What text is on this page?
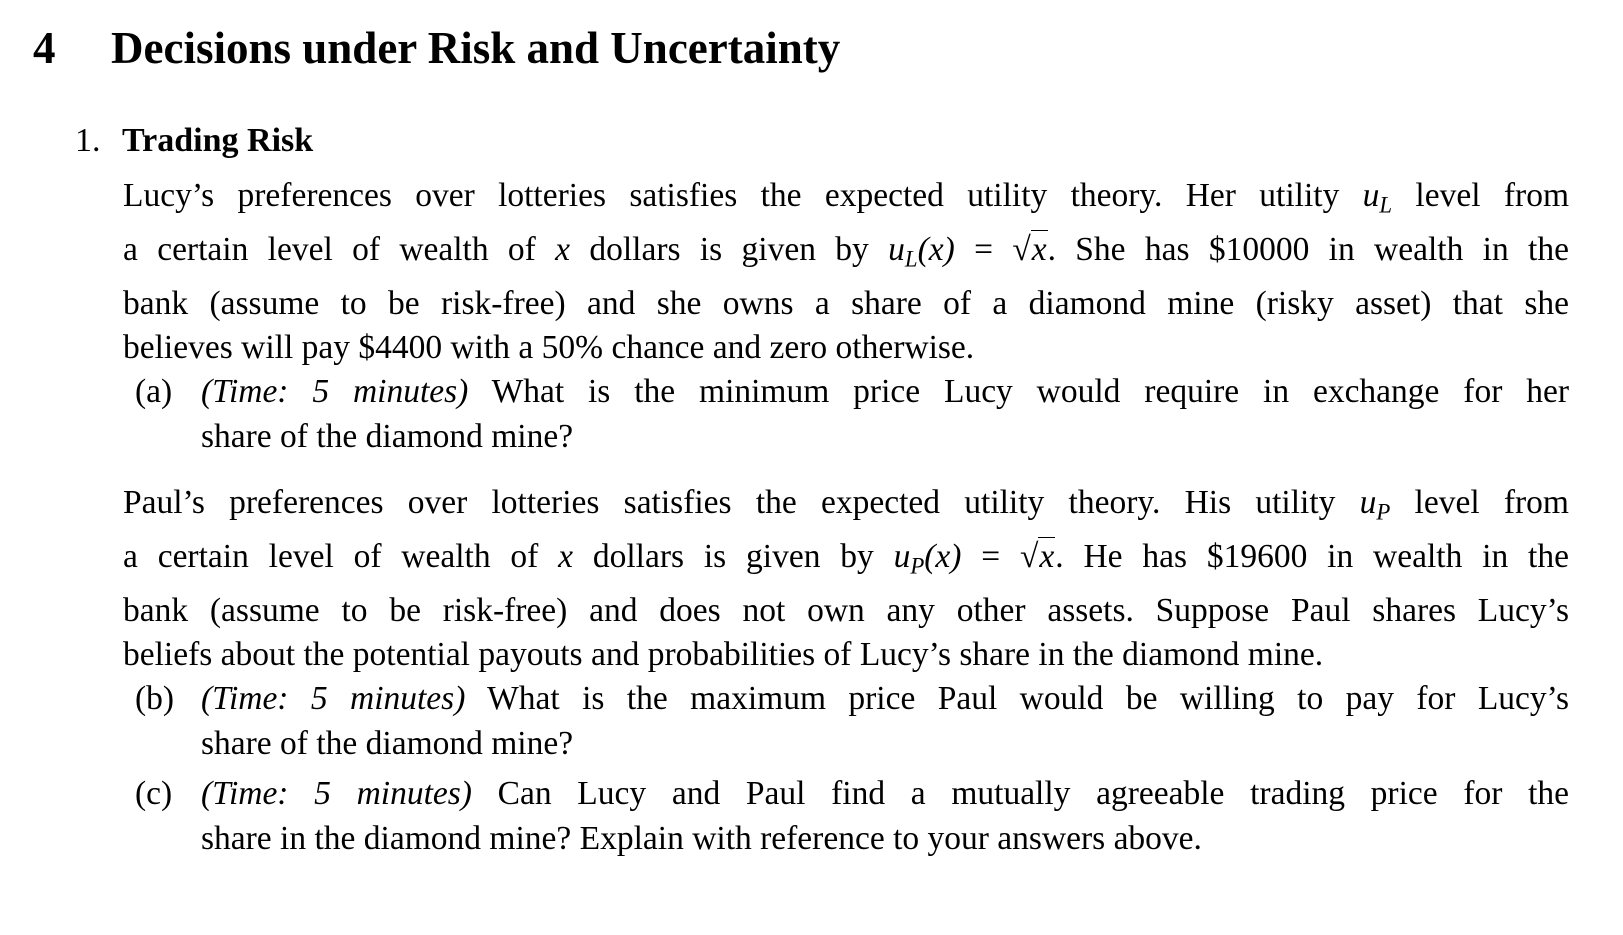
4 Decisions under Risk and Uncertainty
1. Trading Risk
Lucy’s preferences over lotteries satisfies the expected utility theory. Her utility $u_L$ level from
a certain level of wealth of x dollars is given by $u_L(x) = √x$. She has $10000 in wealth in the
bank (assume to be risk-free) and she owns a share of a diamond mine (risky asset) that she
believes will pay $4400 with a 50% chance and zero otherwise.
(a) (Time: 5 minutes) What is the minimum price Lucy would require in exchange for her
share of the diamond mine?
Paul’s preferences over lotteries satisfies the expected utility theory. His utility $u_P$ level from
a certain level of wealth of x dollars is given by $u_P(x) = √x$. He has $19600 in wealth in the
bank (assume to be risk-free) and does not own any other assets. Suppose Paul shares Lucy’s
beliefs about the potential payouts and probabilities of Lucy’s share in the diamond mine.
(b) (Time: 5 minutes) What is the maximum price Paul would be willing to pay for Lucy’s
share of the diamond mine?
(c) (Time: 5 minutes) Can Lucy and Paul find a mutually agreeable trading price for the
share in the diamond mine? Explain with reference to your answers above.
